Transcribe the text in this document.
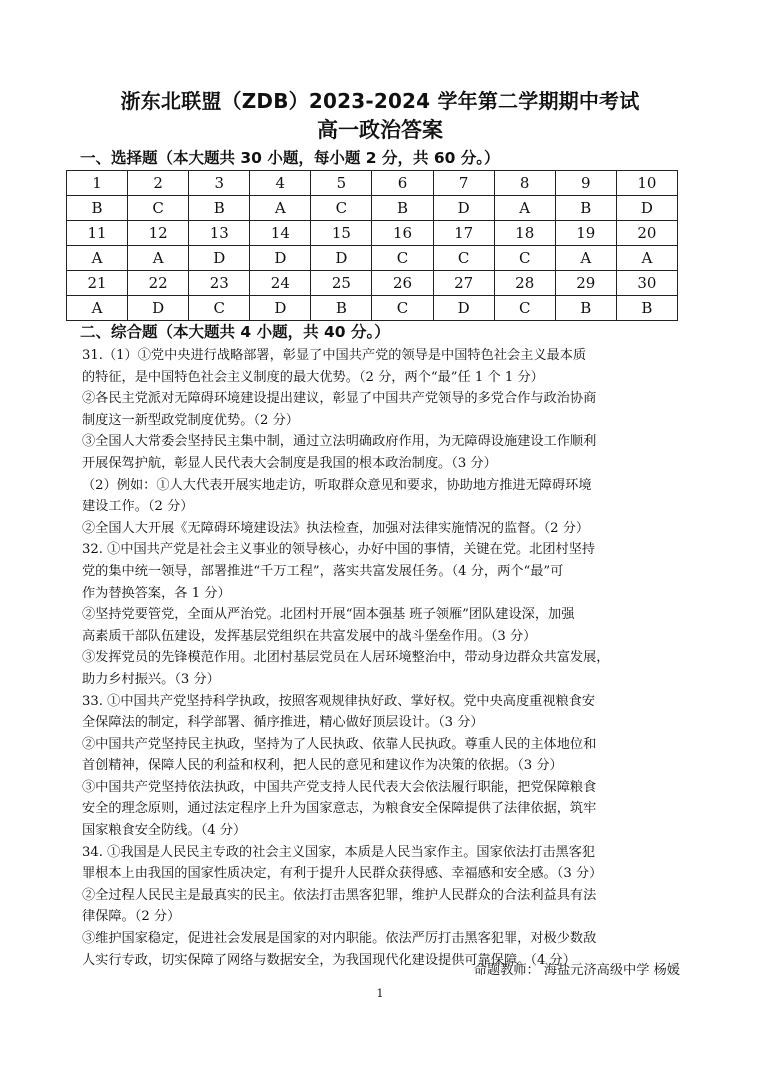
浙东北联盟（ZDB）2023-2024 学年第二学期期中考试
高一政治答案
一、选择题（本大题共 30 小题，每小题 2 分，共 60 分。）
1	2	3	4	5	6	7	8	9	10
B	C	B	A	C	B	D	A	B	D
11	12	13	14	15	16	17	18	19	20
A	A	D	D	D	C	C	C	A	A
21	22	23	24	25	26	27	28	29	30
A	D	C	D	B	C	D	C	B	B
二、综合题（本大题共 4 小题，共 40 分。）

31.（1）①党中央进行战略部署，彰显了中国共产党的领导是中国特色社会主义最本质

的特征，是中国特色社会主义制度的最大优势。（2 分，两个“最”任 1 个 1 分）

②各民主党派对无障碍环境建设提出建议，彰显了中国共产党领导的多党合作与政治协商

制度这一新型政党制度优势。（2 分）

③全国人大常委会坚持民主集中制，通过立法明确政府作用，为无障碍设施建设工作顺利

开展保驾护航，彰显人民代表大会制度是我国的根本政治制度。（3 分）

（2）例如：①人大代表开展实地走访，听取群众意见和要求，协助地方推进无障碍环境

建设工作。（2 分）

②全国人大开展《无障碍环境建设法》执法检查，加强对法律实施情况的监督。（2 分）

32. ①中国共产党是社会主义事业的领导核心，办好中国的事情，关键在党。北团村坚持

党的集中统一领导，部署推进“千万工程”，落实共富发展任务。（4 分，两个“最”可

作为替换答案，各 1 分）

②坚持党要管党，全面从严治党。北团村开展“固本强基 班子领雁”团队建设深，加强

高素质干部队伍建设，发挥基层党组织在共富发展中的战斗堡垒作用。（3 分）

③发挥党员的先锋模范作用。北团村基层党员在人居环境整治中，带动身边群众共富发展，

助力乡村振兴。（3 分）

33. ①中国共产党坚持科学执政，按照客观规律执好政、掌好权。党中央高度重视粮食安

全保障法的制定，科学部署、循序推进，精心做好顶层设计。（3 分）

②中国共产党坚持民主执政，坚持为了人民执政、依靠人民执政。尊重人民的主体地位和

首创精神，保障人民的利益和权利，把人民的意见和建议作为决策的依据。（3 分）

③中国共产党坚持依法执政，中国共产党支持人民代表大会依法履行职能，把党保障粮食

安全的理念原则，通过法定程序上升为国家意志，为粮食安全保障提供了法律依据，筑牢

国家粮食安全防线。（4 分）

34. ①我国是人民民主专政的社会主义国家，本质是人民当家作主。国家依法打击黑客犯

罪根本上由我国的国家性质决定，有利于提升人民群众获得感、幸福感和安全感。（3 分）

②全过程人民民主是最真实的民主。依法打击黑客犯罪，维护人民群众的合法利益具有法

律保障。（2 分）

③维护国家稳定，促进社会发展是国家的对内职能。依法严厉打击黑客犯罪，对极少数敌

人实行专政，切实保障了网络与数据安全，为我国现代化建设提供可靠保障。（4 分）

命题教师： 海盐元济高级中学 杨媛
1
